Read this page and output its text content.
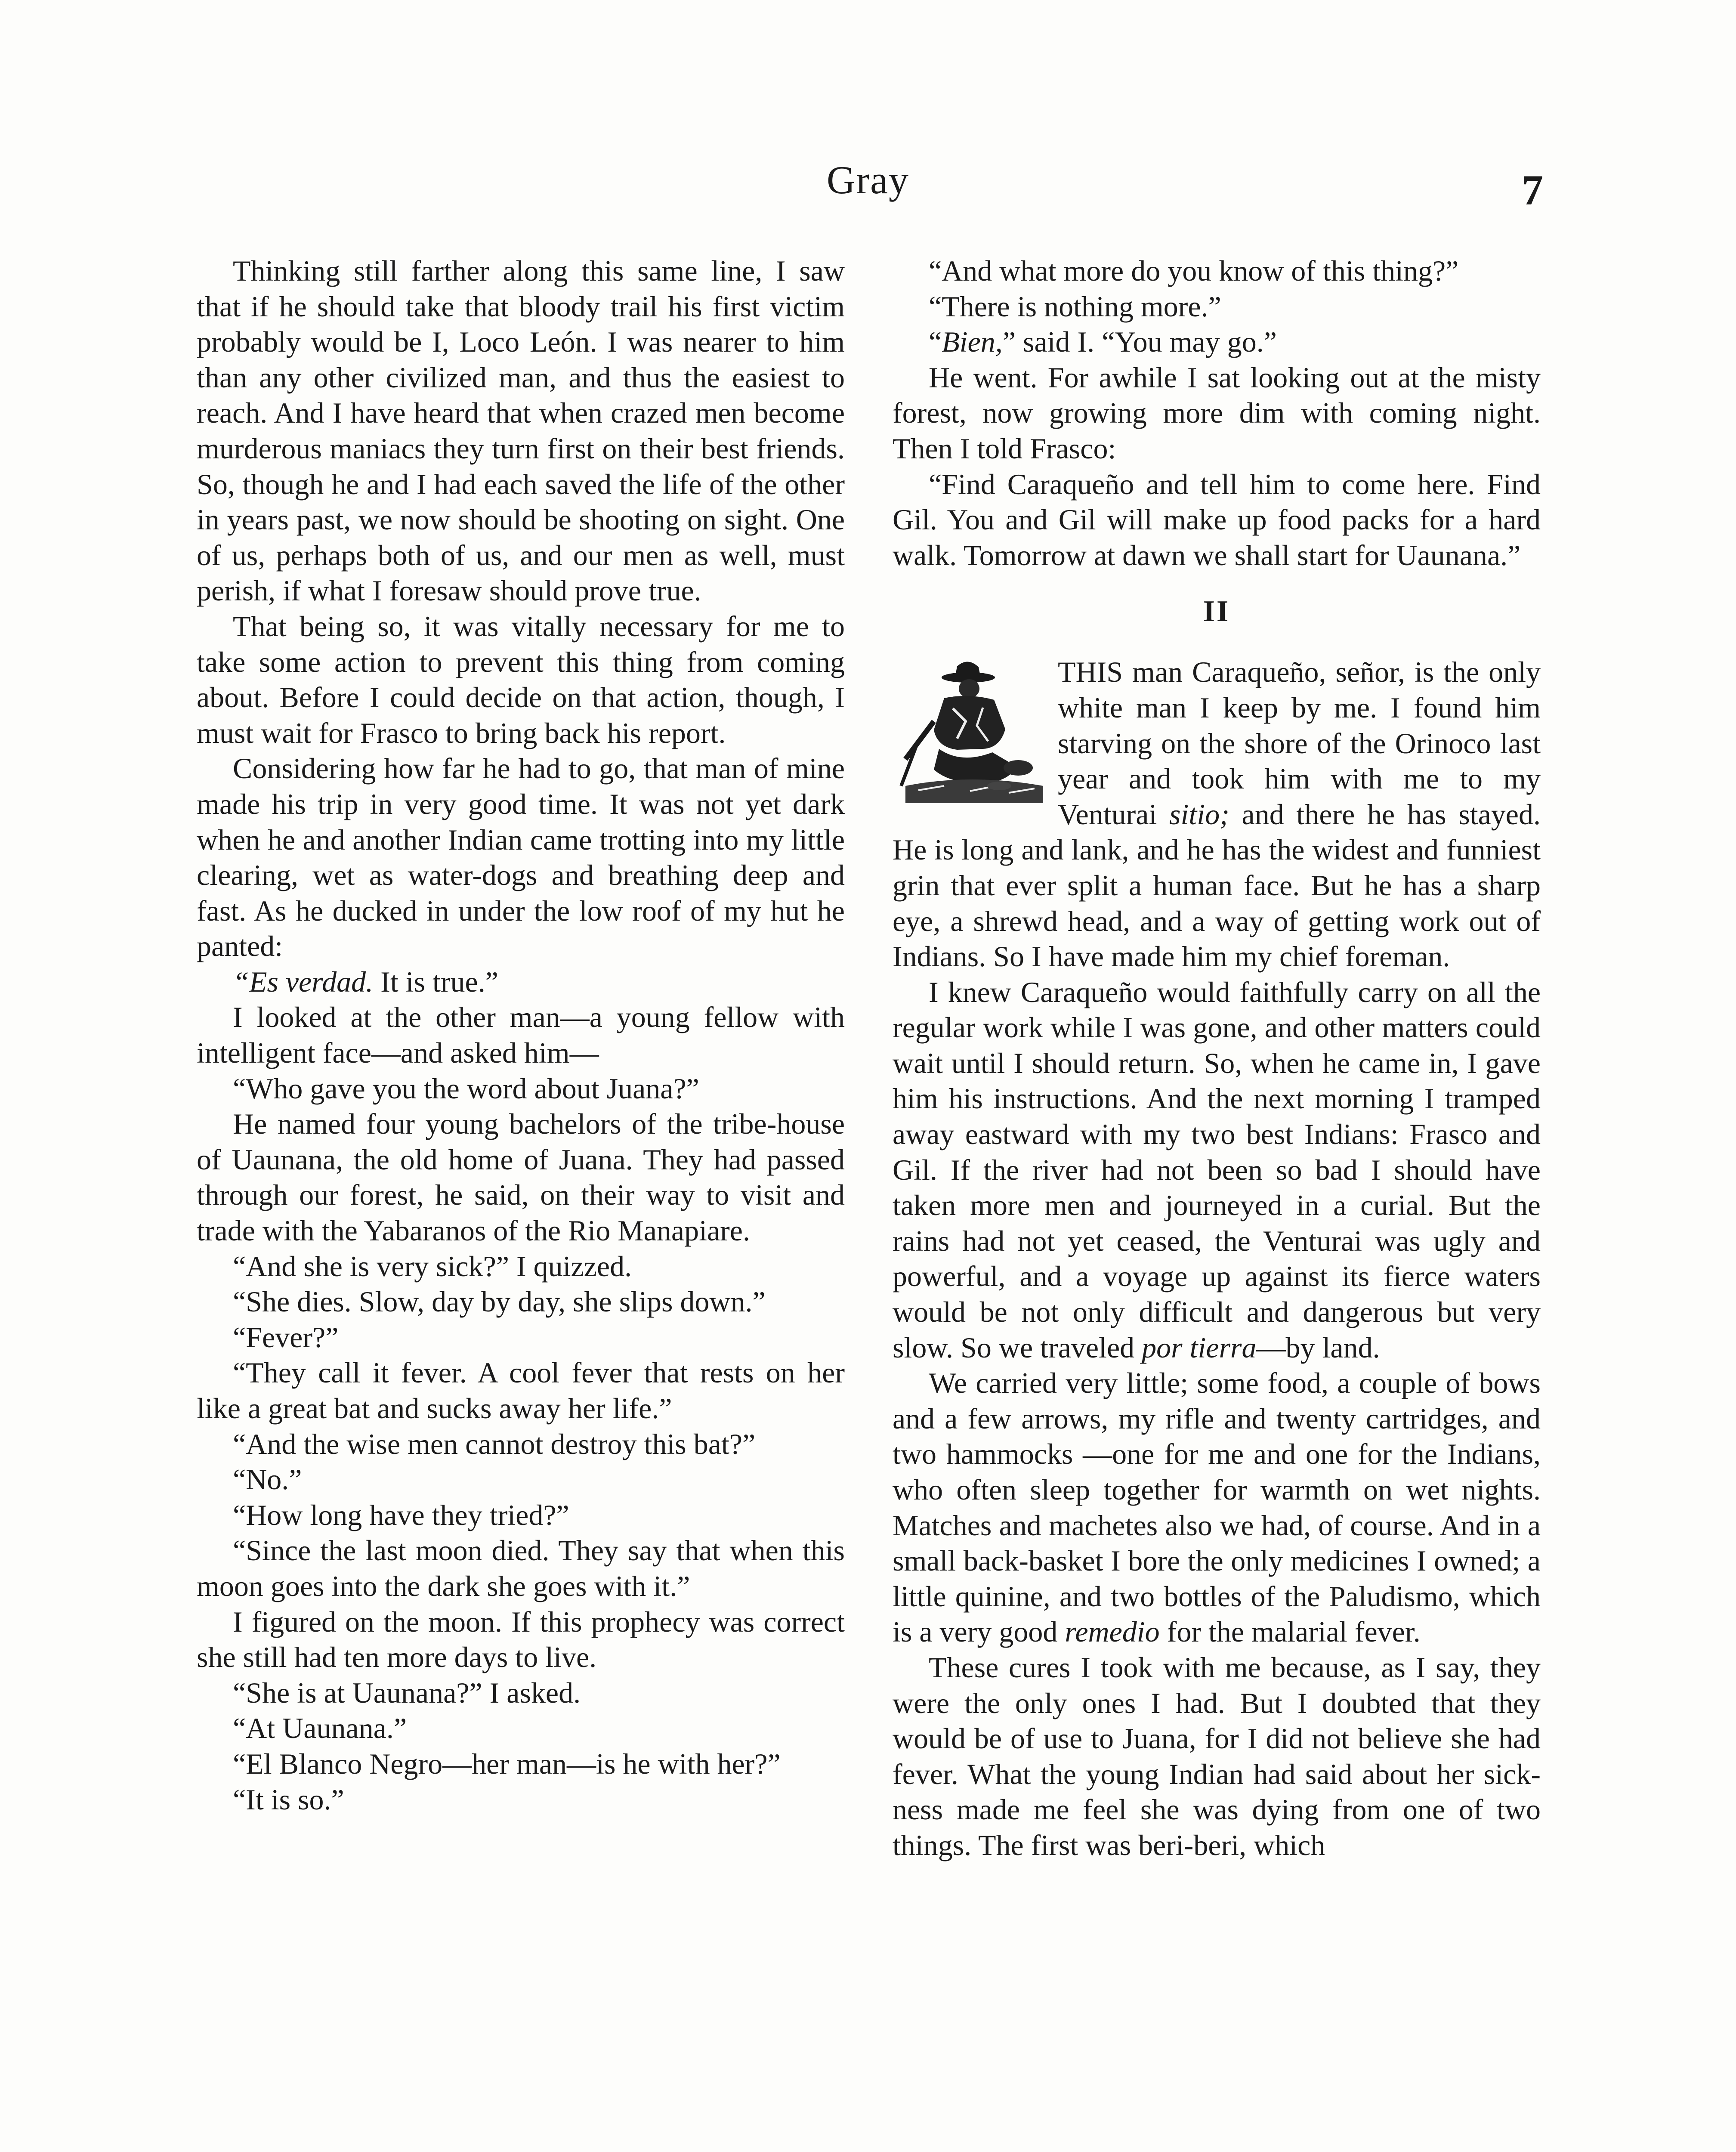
Gray	7

Thinking still farther along this same line, I saw that if he should take that bloody trail his first victim probably would be I, Loco León. I was nearer to him than any other civilized man, and thus the easiest to reach. And I have heard that when crazed men become murderous maniacs they turn first on their best friends. So, though he and I had each saved the life of the other in years past, we now should be shooting on sight. One of us, perhaps both of us, and our men as well, must perish, if what I foresaw should prove true.

That being so, it was vitally necessary for me to take some action to prevent this thing from coming about. Before I could decide on that action, though, I must wait for Frasco to bring back his report.

Considering how far he had to go, that man of mine made his trip in very good time. It was not yet dark when he and another Indian came trotting into my little clearing, wet as water-dogs and breathing deep and fast. As he ducked in under the low roof of my hut he panted:

“Es verdad. It is true.”

I looked at the other man—a young fellow with intelligent face—and asked him—

“Who gave you the word about Juana?”

He named four young bachelors of the tribe-house of Uaunana, the old home of Juana. They had passed through our forest, he said, on their way to visit and trade with the Yabaranos of the Rio Manapiare.

“And she is very sick?” I quizzed.

“She dies. Slow, day by day, she slips down.”

“Fever?”

“They call it fever. A cool fever that rests on her like a great bat and sucks away her life.”

“And the wise men cannot destroy this bat?”

“No.”

“How long have they tried?”

“Since the last moon died. They say that when this moon goes into the dark she goes with it.”

I figured on the moon. If this prophecy was correct she still had ten more days to live.

“She is at Uaunana?” I asked.

“At Uaunana.”

“El Blanco Negro—her man—is he with her?”

“It is so.”

“And what more do you know of this thing?”

“There is nothing more.”

“Bien,” said I. “You may go.”

He went. For awhile I sat looking out at the misty forest, now growing more dim with coming night. Then I told Frasco:

“Find Caraqueño and tell him to come here. Find Gil. You and Gil will make up food packs for a hard walk. Tomorrow at dawn we shall start for Uaunana.”

II

THIS man Caraqueño, señor, is the only white man I keep by me. I found him starving on the shore of the Orinoco last year and took him with me to my Venturai sitio; and there he has stayed. He is long and lank, and he has the widest and funniest grin that ever split a human face. But he has a sharp eye, a shrewd head, and a way of getting work out of Indians. So I have made him my chief foreman.

I knew Caraqueño would faithfully carry on all the regular work while I was gone, and other matters could wait until I should return. So, when he came in, I gave him his instructions. And the next morning I tramped away eastward with my two best Indians: Frasco and Gil. If the river had not been so bad I should have taken more men and journeyed in a curial. But the rains had not yet ceased, the Venturai was ugly and powerful, and a voyage up against its fierce waters would be not only difficult and dangerous but very slow. So we traveled por tierra—by land.

We carried very little; some food, a couple of bows and a few arrows, my rifle and twenty cartridges, and two hammocks —one for me and one for the Indians, who often sleep together for warmth on wet nights. Matches and machetes also we had, of course. And in a small back-basket I bore the only medicines I owned; a little quinine, and two bottles of the Paludismo, which is a very good remedio for the malarial fever.

These cures I took with me because, as I say, they were the only ones I had. But I doubted that they would be of use to Juana, for I did not believe she had fever. What the young Indian had said about her sickness made me feel she was dying from one of two things. The first was beri-beri, which
